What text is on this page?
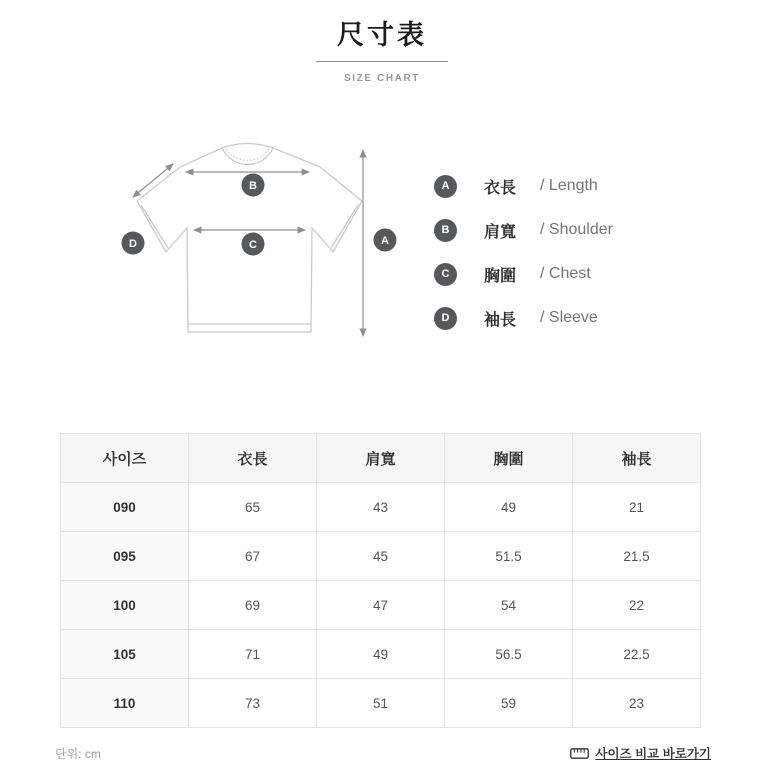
尺寸表
SIZE CHART
B
C	A
D
A	衣長	/ Length
B	肩寬	/ Shoulder
C	胸圍	/ Chest
D	袖長	/ Sleeve
사이즈	衣長	肩寬	胸圍	袖長
090	65	43	49	21
095	67	45	51.5	21.5
100	69	47	54	22
105	71	49	56.5	22.5
110	73	51	59	23
단위: cm	사이즈 비교 바로가기
